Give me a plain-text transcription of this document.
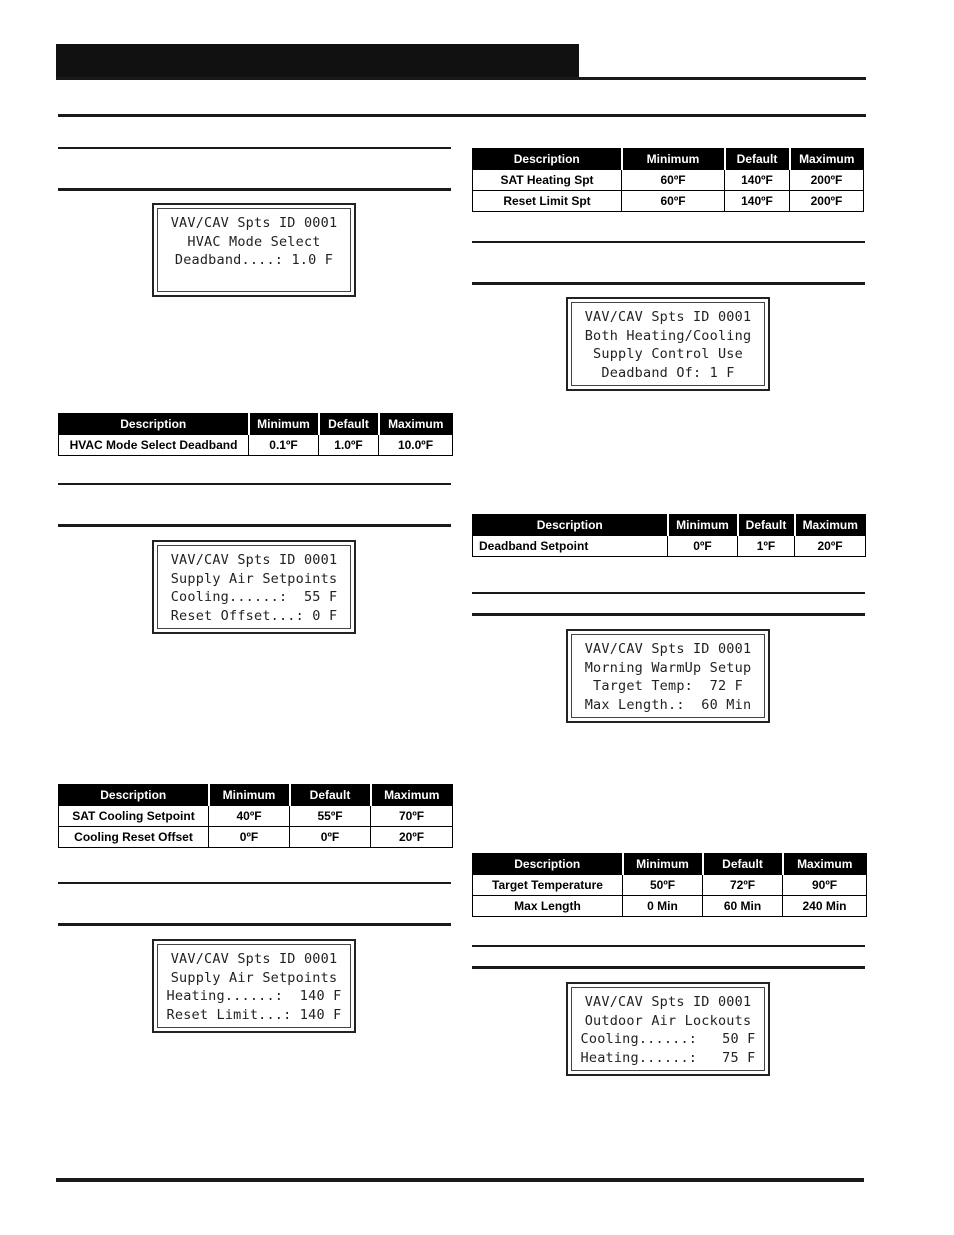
VAV/CAV Spts ID 0001
HVAC Mode Select
Deadband....: 1.0 F
Description	Minimum	Default	Maximum
HVAC Mode Select Deadband	0.1ºF	1.0ºF	10.0ºF
VAV/CAV Spts ID 0001
Supply Air Setpoints
Cooling......:  55 F
Reset Offset...: 0 F
Description	Minimum	Default	Maximum
SAT Cooling Setpoint	40ºF	55ºF	70ºF
Cooling Reset Offset	0ºF	0ºF	20ºF
VAV/CAV Spts ID 0001
Supply Air Setpoints
Heating......:  140 F
Reset Limit...: 140 F
Description	Minimum	Default	Maximum
SAT Heating Spt	60ºF	140ºF	200ºF
Reset Limit Spt	60ºF	140ºF	200ºF
VAV/CAV Spts ID 0001
Both Heating/Cooling
Supply Control Use
Deadband Of: 1 F
Description	Minimum	Default	Maximum
Deadband Setpoint	0ºF	1ºF	20ºF
VAV/CAV Spts ID 0001
Morning WarmUp Setup
Target Temp:  72 F
Max Length.:  60 Min
Description	Minimum	Default	Maximum
Target Temperature	50ºF	72ºF	90ºF
Max Length	0 Min	60 Min	240 Min
VAV/CAV Spts ID 0001
Outdoor Air Lockouts
Cooling......:   50 F
Heating......:   75 F
